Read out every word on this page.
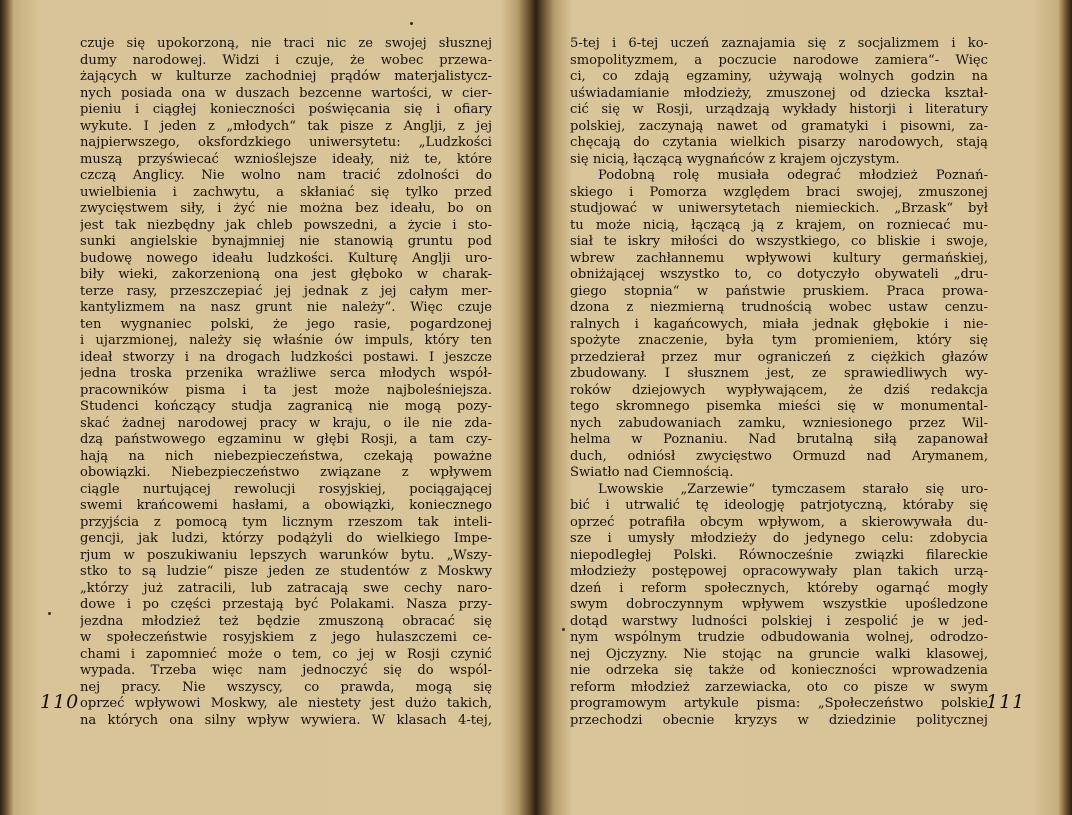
czuje się upokorzoną, nie traci nic ze swojej słusznej
dumy narodowej. Widzi i czuje, że wobec przewa-
żających w kulturze zachodniej prądów materjalistycz-
nych posiada ona w duszach bezcenne wartości, w cier-
pieniu i ciągłej konieczności poświęcania się i ofiary
wykute. I jeden z „młodych“ tak pisze z Anglji, z jej
najpierwszego, oksfordzkiego uniwersytetu: „Ludzkości
muszą przyświecać wznioślejsze ideały, niż te, które
czczą Anglicy. Nie wolno nam tracić zdolności do
uwielbienia i zachwytu, a skłaniać się tylko przed
zwycięstwem siły, i żyć nie można bez ideału, bo on
jest tak niezbędny jak chleb powszedni, a życie i sto-
sunki angielskie bynajmniej nie stanowią gruntu pod
budowę nowego ideału ludzkości. Kulturę Anglji uro-
biły wieki, zakorzenioną ona jest głęboko w charak-
terze rasy, przeszczepiać jej jednak z jej całym mer-
kantylizmem na nasz grunt nie należy“. Więc czuje
ten wygnaniec polski, że jego rasie, pogardzonej
i ujarzmionej, należy się właśnie ów impuls, który ten
ideał stworzy i na drogach ludzkości postawi. I jeszcze
jedna troska przenika wrażliwe serca młodych współ-
pracowników pisma i ta jest może najboleśniejsza.
Studenci kończący studja zagranicą nie mogą pozy-
skać żadnej narodowej pracy w kraju, o ile nie zda-
dzą państwowego egzaminu w głębi Rosji, a tam czy-
hają na nich niebezpieczeństwa, czekają poważne
obowiązki. Niebezpieczeństwo związane z wpływem
ciągle nurtującej rewolucji rosyjskiej, pociągającej
swemi krańcowemi hasłami, a obowiązki, koniecznego
przyjścia z pomocą tym licznym rzeszom tak inteli-
gencji, jak ludzi, którzy podążyli do wielkiego Impe-
rjum w poszukiwaniu lepszych warunków bytu. „Wszy-
stko to są ludzie“ pisze jeden ze studentów z Moskwy
„którzy już zatracili, lub zatracają swe cechy naro-
dowe i po części przestają być Polakami. Nasza przy-
jezdna młodzież też będzie zmuszoną obracać się
w społeczeństwie rosyjskiem z jego hulaszczemi ce-
chami i zapomnieć może o tem, co jej w Rosji czynić
wypada. Trzeba więc nam jednoczyć się do wspól-
nej pracy. Nie wszyscy, co prawda, mogą się
oprzeć wpływowi Moskwy, ale niestety jest dużo takich,
na których ona silny wpływ wywiera. W klasach 4-tej,
110
5-tej i 6-tej uczeń zaznajamia się z socjalizmem i ko-
smopolityzmem, a poczucie narodowe zamiera“- Więc
ci, co zdają egzaminy, używają wolnych godzin na
uświadamianie młodzieży, zmuszonej od dziecka kształ-
cić się w Rosji, urządzają wykłady historji i literatury
polskiej, zaczynają nawet od gramatyki i pisowni, za-
chęcają do czytania wielkich pisarzy narodowych, stają
się nicią, łączącą wygnańców z krajem ojczystym.
Podobną rolę musiała odegrać młodzież Poznań-
skiego i Pomorza względem braci swojej, zmuszonej
studjować w uniwersytetach niemieckich. „Brzask“ był
tu może nicią, łączącą ją z krajem, on rozniecać mu-
siał te iskry miłości do wszystkiego, co bliskie i swoje,
wbrew zachłannemu wpływowi kultury germańskiej,
obniżającej wszystko to, co dotyczyło obywateli „dru-
giego stopnia“ w państwie pruskiem. Praca prowa-
dzona z niezmierną trudnością wobec ustaw cenzu-
ralnych i kagańcowych, miała jednak głębokie i nie-
spożyte znaczenie, była tym promieniem, który się
przedzierał przez mur ograniczeń z ciężkich głazów
zbudowany. I słusznem jest, ze sprawiedliwych wy-
roków dziejowych wypływającem, że dziś redakcja
tego skromnego pisemka mieści się w monumental-
nych zabudowaniach zamku, wzniesionego przez Wil-
helma w Poznaniu. Nad brutalną siłą zapanował
duch, odniósł zwycięstwo Ormuzd nad Arymanem,
Światło nad Ciemnością.
Lwowskie „Zarzewie“ tymczasem starało się uro-
bić i utrwalić tę ideologję patrjotyczną, któraby się
oprzeć potrafiła obcym wpływom, a skierowywała du-
sze i umysły młodzieży do jedynego celu: zdobycia
niepodległej Polski. Równocześnie związki filareckie
młodzieży postępowej opracowywały plan takich urzą-
dzeń i reform społecznych, któreby ogarnąć mogły
swym dobroczynnym wpływem wszystkie upośledzone
dotąd warstwy ludności polskiej i zespolić je w jed-
nym wspólnym trudzie odbudowania wolnej, odrodzo-
nej Ojczyzny. Nie stojąc na gruncie walki klasowej,
nie odrzeka się także od konieczności wprowadzenia
reform młodzież zarzewiacka, oto co pisze w swym
programowym artykule pisma: „Społeczeństwo polskie
przechodzi obecnie kryzys w dziedzinie politycznej
111
